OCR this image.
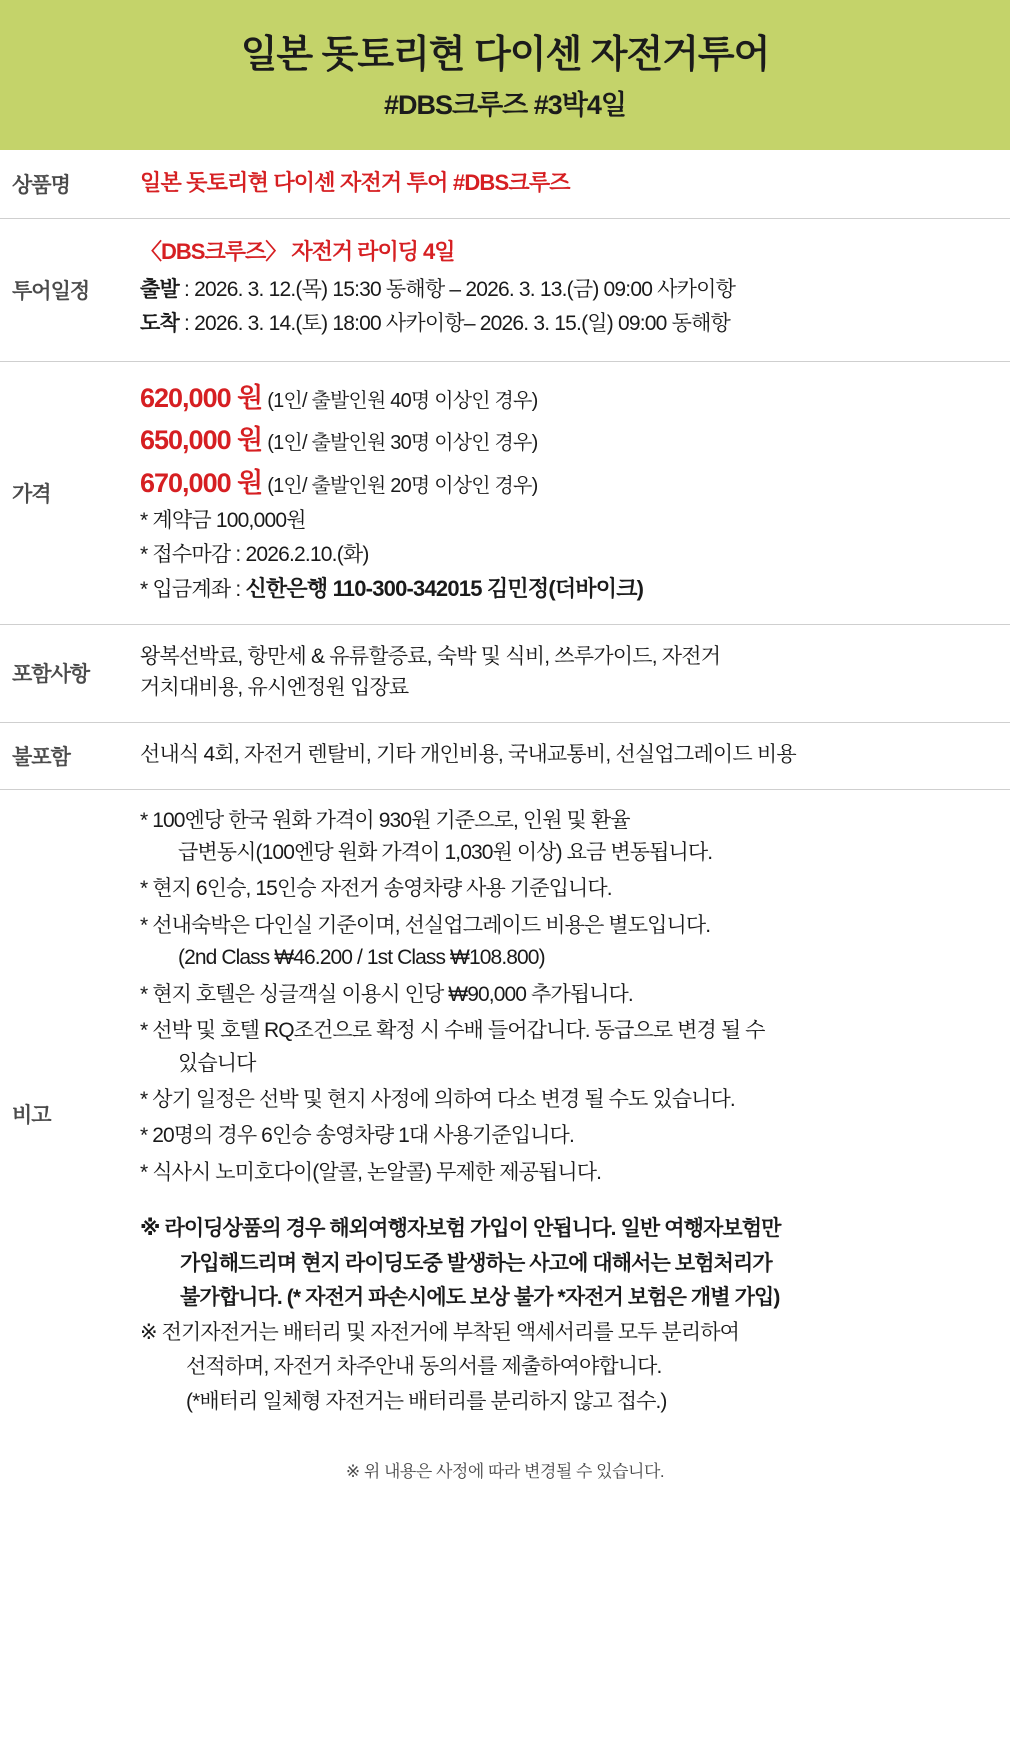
일본 돗토리현 다이센 자전거투어
#DBS크루즈 #3박4일
상품명	일본 돗토리현 다이센 자전거 투어 #DBS크루즈
투어일정
〈DBS크루즈〉 자전거 라이딩 4일
출발 : 2026. 3. 12.(목) 15:30 동해항 – 2026. 3. 13.(금) 09:00 사카이항
도착 : 2026. 3. 14.(토) 18:00 사카이항– 2026. 3. 15.(일) 09:00 동해항
가격
620,000 원 (1인/ 출발인원 40명 이상인 경우)
650,000 원 (1인/ 출발인원 30명 이상인 경우)
670,000 원 (1인/ 출발인원 20명 이상인 경우)
* 계약금 100,000원
* 접수마감 : 2026.2.10.(화)
* 입금계좌 : 신한은행 110-300-342015 김민정(더바이크)
포함사항
왕복선박료, 항만세 & 유류할증료, 숙박 및 식비, 쓰루가이드, 자전거
거치대비용, 유시엔정원 입장료
불포함	선내식 4회, 자전거 렌탈비, 기타 개인비용, 국내교통비, 선실업그레이드 비용
비고
* 100엔당 한국 원화 가격이 930원 기준으로, 인원 및 환율
급변동시(100엔당 원화 가격이 1,030원 이상) 요금 변동됩니다.
* 현지 6인승, 15인승 자전거 송영차량 사용 기준입니다.
* 선내숙박은 다인실 기준이며, 선실업그레이드 비용은 별도입니다.
(2nd Class ₩46.200 / 1st Class ₩108.800)
* 현지 호텔은 싱글객실 이용시 인당 ₩90,000 추가됩니다.
* 선박 및 호텔 RQ조건으로 확정 시 수배 들어갑니다. 동급으로 변경 될 수
있습니다
* 상기 일정은 선박 및 현지 사정에 의하여 다소 변경 될 수도 있습니다.
* 20명의 경우 6인승 송영차량 1대 사용기준입니다.
* 식사시 노미호다이(알콜, 논알콜) 무제한 제공됩니다.
※ 라이딩상품의 경우 해외여행자보험 가입이 안됩니다. 일반 여행자보험만
가입해드리며 현지 라이딩도중 발생하는 사고에 대해서는 보험처리가
불가합니다. (* 자전거 파손시에도 보상 불가 *자전거 보험은 개별 가입)
※ 전기자전거는 배터리 및 자전거에 부착된 액세서리를 모두 분리하여
선적하며, 자전거 차주안내 동의서를 제출하여야합니다.
(*배터리 일체형 자전거는 배터리를 분리하지 않고 접수.)
※ 위 내용은 사정에 따라 변경될 수 있습니다.
